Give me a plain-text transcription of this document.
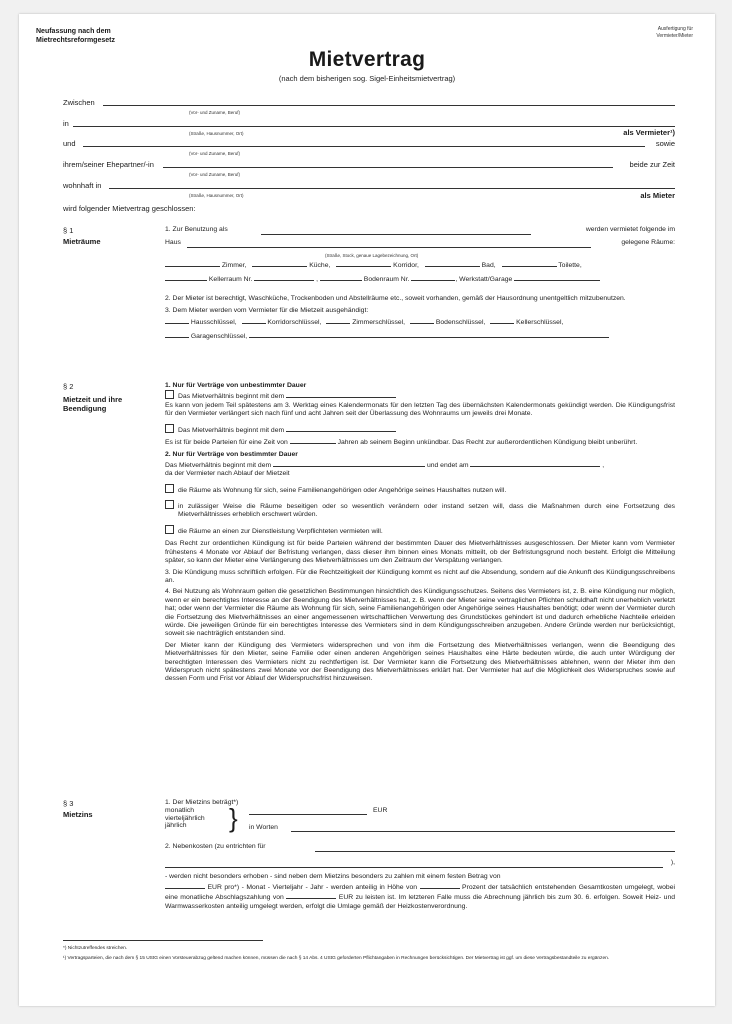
Neufassung nach dem
Mietrechtsreformgesetz
Ausfertigung für
Vermieter/Mieter
Mietvertrag
(nach dem bisherigen sog. Sigel-Einheitsmietvertrag)
Zwischen
(Vor- und Zuname, Beruf)
in
(Straße, Hausnummer, Ort)	als Vermieter¹)
und	sowie
(Vor- und Zuname, Beruf)
ihrem/seiner Ehepartner/-in	beide zur Zeit
(Vor- und Zuname, Beruf)
wohnhaft in
(Straße, Hausnummer, Ort)	als Mieter
wird folgender Mietvertrag geschlossen:
§ 1
Mieträume
1. Zur Benutzung als	werden vermietet folgende im
Haus	gelegene Räume:
(Straße, Stock, genaue Lagebezeichnung, Ort)
Zimmer,	Küche,	Korridor,	Bad,	Toilette,
Kellerraum Nr.	,	Bodenraum Nr.	, Werkstatt/Garage

2. Der Mieter ist berechtigt, Waschküche, Trockenboden und Abstellräume etc., soweit vorhanden, gemäß der Hausordnung unentgeltlich mitzubenutzen.

3. Dem Mieter werden vom Vermieter für die Mietzeit ausgehändigt:

Hausschlüssel,	Korridorschlüssel,	Zimmerschlüssel,	Bodenschlüssel,	Kellerschlüssel,
Garagenschlüssel,
§ 2
Mietzeit und ihre Beendigung

1. Nur für Verträge von unbestimmter Dauer

Das Mietverhältnis beginnt mit dem

Es kann von jedem Teil spätestens am 3. Werktag eines Kalendermonats für den letzten Tag des übernächsten Kalendermonats gekündigt werden. Die Kündigungsfrist für den Vermieter verlängert sich nach fünf und acht Jahren seit der Überlassung des Wohnraums um jeweils drei Monate.

Das Mietverhältnis beginnt mit dem

Es ist für beide Parteien für eine Zeit von	Jahren ab seinem Beginn unkündbar. Das Recht zur außerordentlichen Kündigung bleibt unberührt.

2. Nur für Verträge von bestimmter Dauer

Das Mietverhältnis beginnt mit dem	und endet am	,

da der Vermieter nach Ablauf der Mietzeit

die Räume als Wohnung für sich, seine Familienangehörigen oder Angehörige seines Haushaltes nutzen will.
in zulässiger Weise die Räume beseitigen oder so wesentlich verändern oder instand setzen will, dass die Maßnahmen durch eine Fortsetzung des Mietverhältnisses erheblich erschwert würden.
die Räume an einen zur Dienstleistung Verpflichteten vermieten will.

Das Recht zur ordentlichen Kündigung ist für beide Parteien während der bestimmten Dauer des Mietverhältnisses ausgeschlossen. Der Mieter kann vom Vermieter frühestens 4 Monate vor Ablauf der Befristung verlangen, dass dieser ihm binnen eines Monats mitteilt, ob der Befristungsgrund noch besteht. Erfolgt die Mitteilung später, so kann der Mieter eine Verlängerung des Mietverhältnisses um den Zeitraum der Verspätung verlangen.

3. Die Kündigung muss schriftlich erfolgen. Für die Rechtzeitigkeit der Kündigung kommt es nicht auf die Absendung, sondern auf die Ankunft des Kündigungsschreibens an.

4. Bei Nutzung als Wohnraum gelten die gesetzlichen Bestimmungen hinsichtlich des Kündigungsschutzes. Seitens des Vermieters ist, z. B. eine Kündigung nur möglich, wenn er ein berechtigtes Interesse an der Beendigung des Mietverhältnisses hat, z. B. wenn der Mieter seine vertraglichen Pflichten schuldhaft nicht unerheblich verletzt hat; oder wenn der Vermieter die Räume als Wohnung für sich, seine Familienangehörigen oder Angehörige seines Haushaltes benötigt; oder wenn der Vermieter durch die Fortsetzung des Mietverhältnisses an einer angemessenen wirtschaftlichen Verwertung des Grundstückes gehindert ist und dadurch erhebliche Nachteile erleiden würde. Die jeweiligen Gründe für ein berechtigtes Interesse des Vermieters sind in dem Kündigungsschreiben anzugeben. Andere Gründe werden nur berücksichtigt, soweit sie nachträglich entstanden sind.

Der Mieter kann der Kündigung des Vermieters widersprechen und von ihm die Fortsetzung des Mietverhältnisses verlangen, wenn die Beendigung des Mietverhältnisses für den Mieter, seine Familie oder einen anderen Angehörigen seines Haushaltes eine Härte bedeuten würde, die auch unter Würdigung der berechtigten Interessen des Vermieters nicht zu rechtfertigen ist. Der Vermieter kann die Fortsetzung des Mietverhältnisses ablehnen, wenn der Mieter ihm den Widerspruch nicht spätestens zwei Monate vor der Beendigung des Mietverhältnisses erklärt hat. Der Vermieter hat auf die Möglichkeit des Widerspruches sowie auf dessen Form und Frist vor Ablauf der Widerspruchsfrist hinzuweisen.

§ 3
Mietzins

1. Der Mietzins beträgt*)

monatlich
vierteljährlich
jährlich	}	EUR
in Worten
2. Nebenkosten (zu entrichten für
),

- werden nicht besonders erhoben - sind neben dem Mietzins besonders zu zahlen mit einem festen Betrag von

EUR pro*) - Monat - Vierteljahr - Jahr - werden anteilig in Höhe von	Prozent der tatsächlich entstehenden Gesamtkosten umgelegt, wobei eine monatliche Abschlagszahlung von	EUR zu leisten ist. Im letzteren Falle muss die Abrechnung jährlich bis zum 30. 6. erfolgen. Soweit Heiz- und Warmwasserkosten anteilig umgelegt werden, erfolgt die Umlage gemäß der Heizkostenverordnung.

*) Nichtzutreffendes streichen.
¹) Vertragsparteien, die nach dem § 15 UStG einen Vorsteuerabzug geltend machen können, müssen die nach § 14 Abs. 4 UStG geforderten Pflichtangaben in Rechnungen berücksichtigen. Der Mietvertrag ist ggf. um diese Vertragsbestandteile zu ergänzen.
